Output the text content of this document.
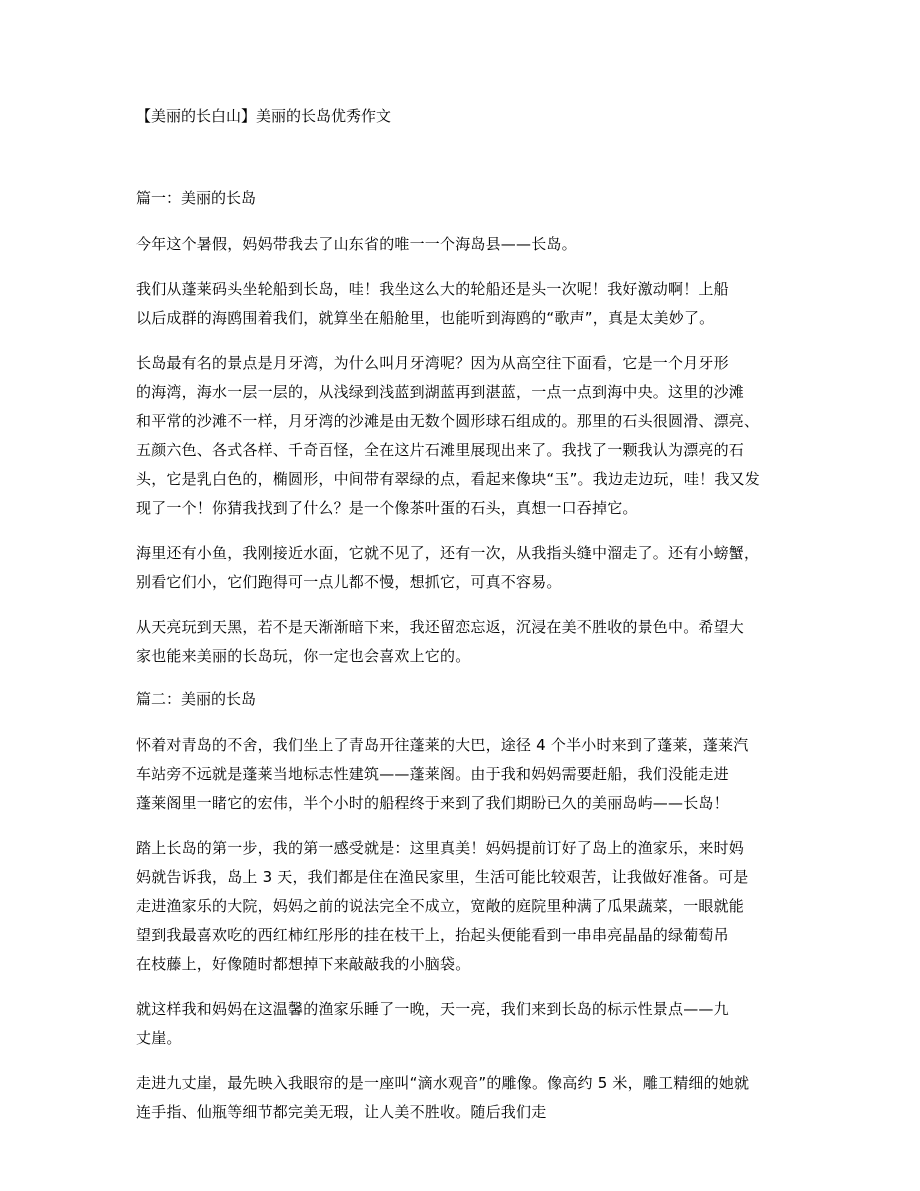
【美丽的长白山】美丽的长岛优秀作文

篇一：美丽的长岛

今年这个暑假，妈妈带我去了山东省的唯一一个海岛县——长岛。

我们从蓬莱码头坐轮船到长岛，哇！我坐这么大的轮船还是头一次呢！我好激动啊！上船
以后成群的海鸥围着我们，就算坐在船舱里，也能听到海鸥的“歌声”，真是太美妙了。

长岛最有名的景点是月牙湾，为什么叫月牙湾呢？因为从高空往下面看，它是一个月牙形
的海湾，海水一层一层的，从浅绿到浅蓝到湖蓝再到湛蓝，一点一点到海中央。这里的沙滩
和平常的沙滩不一样，月牙湾的沙滩是由无数个圆形球石组成的。那里的石头很圆滑、漂亮、
五颜六色、各式各样、千奇百怪，全在这片石滩里展现出来了。我找了一颗我认为漂亮的石
头，它是乳白色的，椭圆形，中间带有翠绿的点，看起来像块“玉”。我边走边玩，哇！我又发
现了一个！你猜我找到了什么？是一个像茶叶蛋的石头，真想一口吞掉它。

海里还有小鱼，我刚接近水面，它就不见了，还有一次，从我指头缝中溜走了。还有小螃蟹，
别看它们小，它们跑得可一点儿都不慢，想抓它，可真不容易。

从天亮玩到天黑，若不是天渐渐暗下来，我还留恋忘返，沉浸在美不胜收的景色中。希望大
家也能来美丽的长岛玩，你一定也会喜欢上它的。

篇二：美丽的长岛

怀着对青岛的不舍，我们坐上了青岛开往蓬莱的大巴，途径 4 个半小时来到了蓬莱，蓬莱汽
车站旁不远就是蓬莱当地标志性建筑——蓬莱阁。由于我和妈妈需要赶船，我们没能走进
蓬莱阁里一睹它的宏伟，半个小时的船程终于来到了我们期盼已久的美丽岛屿——长岛！

踏上长岛的第一步，我的第一感受就是：这里真美！妈妈提前订好了岛上的渔家乐，来时妈
妈就告诉我，岛上 3 天，我们都是住在渔民家里，生活可能比较艰苦，让我做好准备。可是
走进渔家乐的大院，妈妈之前的说法完全不成立，宽敞的庭院里种满了瓜果蔬菜，一眼就能
望到我最喜欢吃的西红柿红彤彤的挂在枝干上，抬起头便能看到一串串亮晶晶的绿葡萄吊
在枝藤上，好像随时都想掉下来敲敲我的小脑袋。

就这样我和妈妈在这温馨的渔家乐睡了一晚，天一亮，我们来到长岛的标示性景点——九
丈崖。

走进九丈崖，最先映入我眼帘的是一座叫“滴水观音”的雕像。像高约 5 米，雕工精细的她就
连手指、仙瓶等细节都完美无瑕，让人美不胜收。随后我们走
